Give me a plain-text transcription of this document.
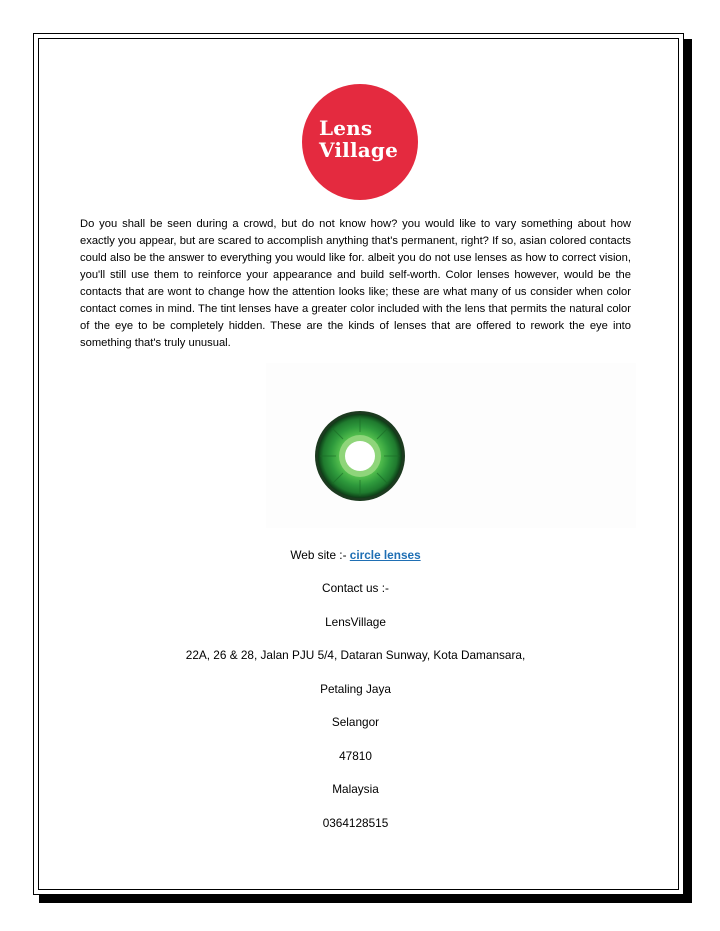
Lens
Village

Do you shall be seen during a crowd, but do not know how? you would like to vary something about how exactly you appear, but are scared to accomplish anything that's permanent, right? If so, asian colored contacts could also be the answer to everything you would like for. albeit you do not use lenses as how to correct vision, you'll still use them to reinforce your appearance and build self-worth. Color lenses however, would be the contacts that are wont to change how the attention looks like; these are what many of us consider when color contact comes in mind. The tint lenses have a greater color included with the lens that permits the natural color of the eye to be completely hidden. These are the kinds of lenses that are offered to rework the eye into something that's truly unusual.

Web site :- circle lenses
Contact us :-
LensVillage
22A, 26 & 28, Jalan PJU 5/4, Dataran Sunway, Kota Damansara,
Petaling Jaya
Selangor
47810
Malaysia
0364128515
